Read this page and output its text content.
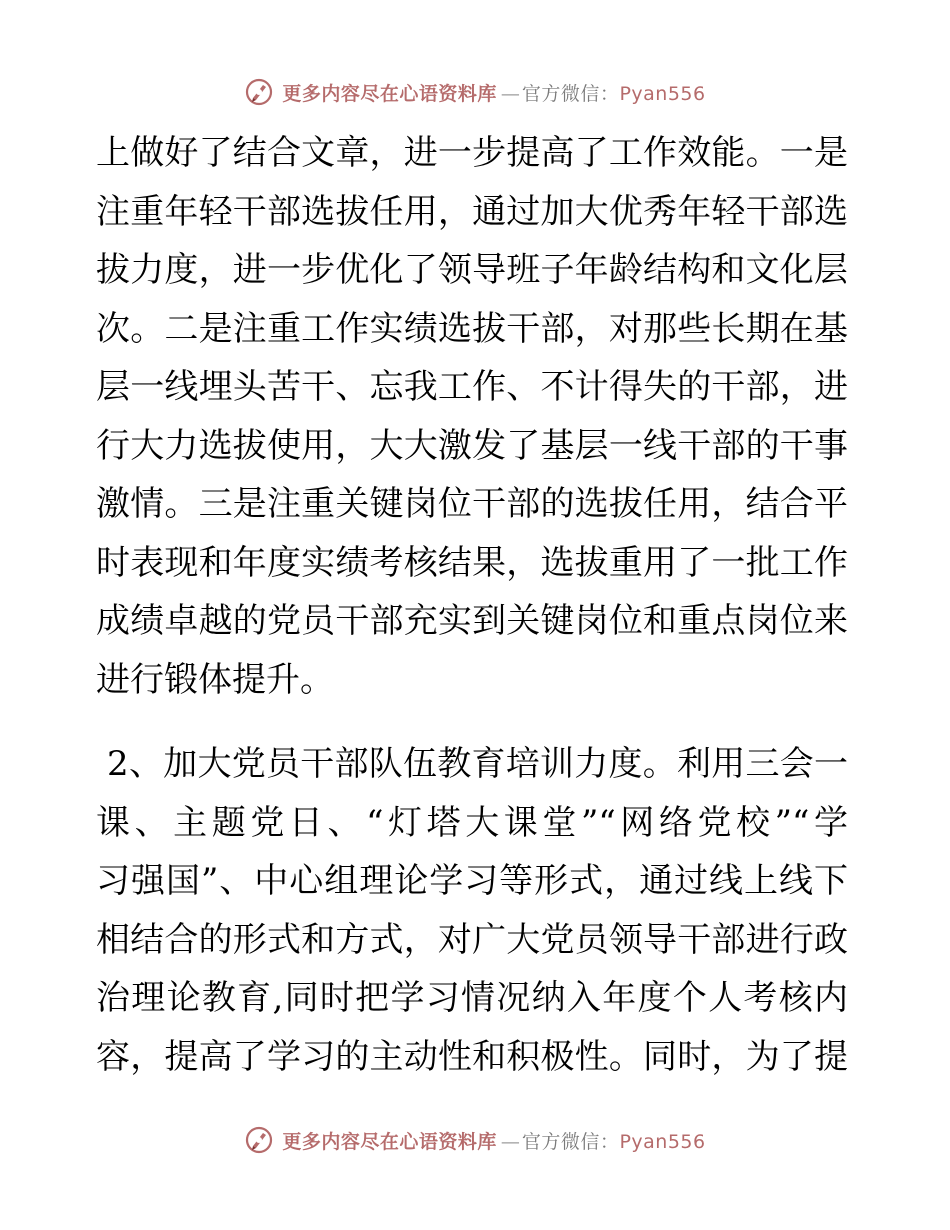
更多内容尽在心语资料库 — 官方微信：Pyan556

上做好了结合文章，进一步提高了工作效能。一是
注重年轻干部选拔任用，通过加大优秀年轻干部选
拔力度，进一步优化了领导班子年龄结构和文化层
次。二是注重工作实绩选拔干部，对那些长期在基
层一线埋头苦干、忘我工作、不计得失的干部，进
行大力选拔使用，大大激发了基层一线干部的干事
激情。三是注重关键岗位干部的选拔任用，结合平
时表现和年度实绩考核结果，选拔重用了一批工作
成绩卓越的党员干部充实到关键岗位和重点岗位来
进行锻体提升。

2、加大党员干部队伍教育培训力度。利用三会一
课、主题党日、“灯塔大课堂”“网络党校”“学
习强国”、中心组理论学习等形式，通过线上线下
相结合的形式和方式，对广大党员领导干部进行政
治理论教育,同时把学习情况纳入年度个人考核内
容，提高了学习的主动性和积极性。同时，为了提

更多内容尽在心语资料库 — 官方微信：Pyan556
